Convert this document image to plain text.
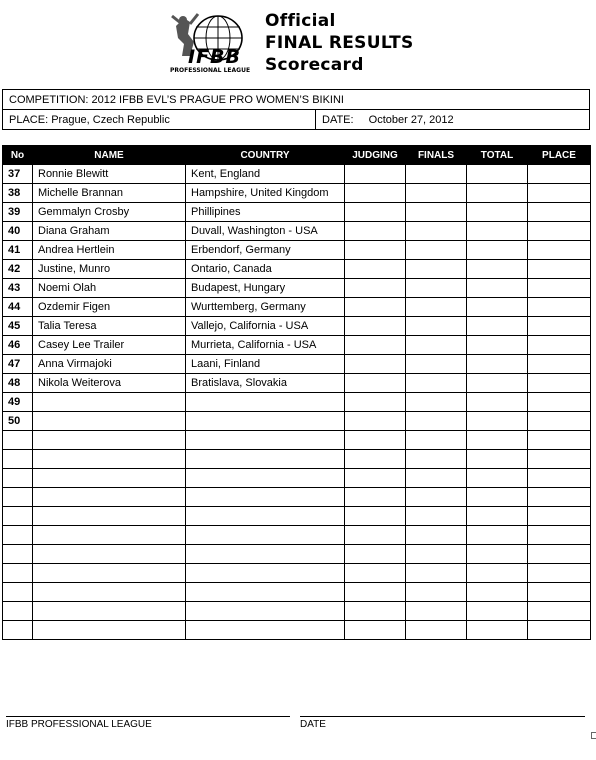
IFBB
PROFESSIONAL LEAGUE
Official
FINAL RESULTS
Scorecard
COMPETITION: 2012 IFBB EVL’S PRAGUE PRO WOMEN’S BIKINI
PLACE: Prague, Czech Republic	DATE: October 27, 2012
No	NAME	COUNTRY	JUDGING	FINALS	TOTAL	PLACE
37	Ronnie Blewitt	Kent, England				
38	Michelle Brannan	Hampshire, United Kingdom				
39	Gemmalyn Crosby	Phillipines				
40	Diana Graham	Duvall, Washington - USA				
41	Andrea Hertlein	Erbendorf, Germany				
42	Justine, Munro	Ontario, Canada				
43	Noemi Olah	Budapest, Hungary				
44	Ozdemir Figen	Wurttemberg, Germany				
45	Talia Teresa	Vallejo, California - USA				
46	Casey Lee Trailer	Murrieta, California - USA				
47	Anna Virmajoki	Laani, Finland				
48	Nikola Weiterova	Bratislava, Slovakia				
49						
50						

IFBB PROFESSIONAL LEAGUE	DATE
